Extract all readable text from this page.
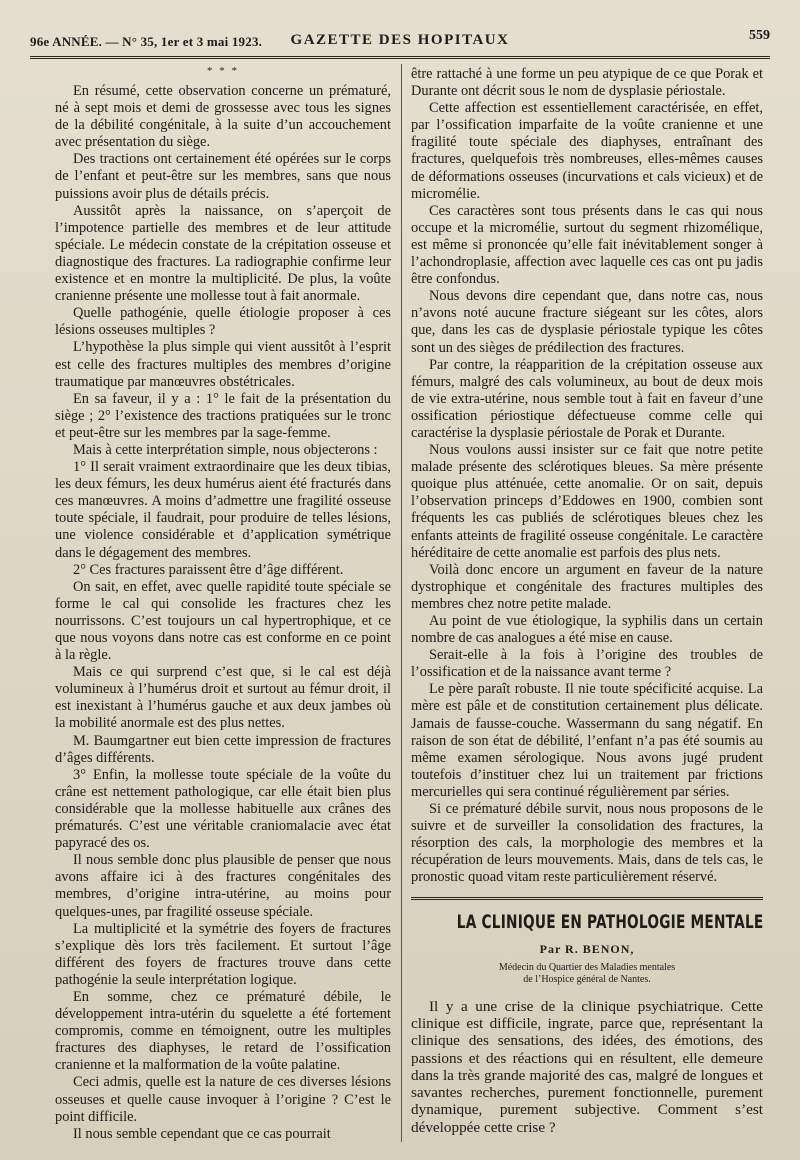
96e ANNÉE. — N° 35, 1er et 3 mai 1923.	GAZETTE DES HOPITAUX	559
* * *

En résumé, cette observation concerne un prématuré, né à sept mois et demi de grossesse avec tous les signes de la débilité congénitale, à la suite d’un accouchement avec présentation du siège.

Des tractions ont certainement été opérées sur le corps de l’enfant et peut-être sur les membres, sans que nous puissions avoir plus de détails précis.

Aussitôt après la naissance, on s’aperçoit de l’impotence partielle des membres et de leur attitude spéciale. Le médecin constate de la crépitation osseuse et diagnostique des fractures. La radiographie confirme leur existence et en montre la multiplicité. De plus, la voûte cranienne présente une mollesse tout à fait anormale.

Quelle pathogénie, quelle étiologie proposer à ces lésions osseuses multiples ?

L’hypothèse la plus simple qui vient aussitôt à l’esprit est celle des fractures multiples des membres d’origine traumatique par manœuvres obstétricales.

En sa faveur, il y a : 1° le fait de la présentation du siège ; 2° l’existence des tractions pratiquées sur le tronc et peut-être sur les membres par la sage-femme.

Mais à cette interprétation simple, nous objecterons :

1° Il serait vraiment extraordinaire que les deux tibias, les deux fémurs, les deux humérus aient été fracturés dans ces manœuvres. A moins d’admettre une fragilité osseuse toute spéciale, il faudrait, pour produire de telles lésions, une violence considérable et d’application symétrique dans le dégagement des membres.

2° Ces fractures paraissent être d’âge différent.

On sait, en effet, avec quelle rapidité toute spéciale se forme le cal qui consolide les fractures chez les nourrissons. C’est toujours un cal hypertrophique, et ce que nous voyons dans notre cas est conforme en ce point à la règle.

Mais ce qui surprend c’est que, si le cal est déjà volumineux à l’humérus droit et surtout au fémur droit, il est inexistant à l’humérus gauche et aux deux jambes où la mobilité anormale est des plus nettes.

M. Baumgartner eut bien cette impression de fractures d’âges différents.

3° Enfin, la mollesse toute spéciale de la voûte du crâne est nettement pathologique, car elle était bien plus considérable que la mollesse habituelle aux crânes des prématurés. C’est une véritable craniomalacie avec état papyracé des os.

Il nous semble donc plus plausible de penser que nous avons affaire ici à des fractures congénitales des membres, d’origine intra-utérine, au moins pour quelques-unes, par fragilité osseuse spéciale.

La multiplicité et la symétrie des foyers de fractures s’explique dès lors très facilement. Et surtout l’âge différent des foyers de fractures trouve dans cette pathogénie la seule interprétation logique.

En somme, chez ce prématuré débile, le développement intra-utérin du squelette a été fortement compromis, comme en témoignent, outre les multiples fractures des diaphyses, le retard de l’ossification cranienne et la malformation de la voûte palatine.

Ceci admis, quelle est la nature de ces diverses lésions osseuses et quelle cause invoquer à l’origine ? C’est le point difficile.

Il nous semble cependant que ce cas pourrait

être rattaché à une forme un peu atypique de ce que Porak et Durante ont décrit sous le nom de dysplasie périostale.

Cette affection est essentiellement caractérisée, en effet, par l’ossification imparfaite de la voûte cranienne et une fragilité toute spéciale des diaphyses, entraînant des fractures, quelquefois très nombreuses, elles-mêmes causes de déformations osseuses (incurvations et cals vicieux) et de micromélie.

Ces caractères sont tous présents dans le cas qui nous occupe et la micromélie, surtout du segment rhizomélique, est même si prononcée qu’elle fait inévitablement songer à l’achondroplasie, affection avec laquelle ces cas ont pu jadis être confondus.

Nous devons dire cependant que, dans notre cas, nous n’avons noté aucune fracture siégeant sur les côtes, alors que, dans les cas de dysplasie périostale typique les côtes sont un des sièges de prédilection des fractures.

Par contre, la réapparition de la crépitation osseuse aux fémurs, malgré des cals volumineux, au bout de deux mois de vie extra-utérine, nous semble tout à fait en faveur d’une ossification périostique défectueuse comme celle qui caractérise la dysplasie périostale de Porak et Durante.

Nous voulons aussi insister sur ce fait que notre petite malade présente des sclérotiques bleues. Sa mère présente quoique plus atténuée, cette anomalie. Or on sait, depuis l’observation princeps d’Eddowes en 1900, combien sont fréquents les cas publiés de sclérotiques bleues chez les enfants atteints de fragilité osseuse congénitale. Le caractère héréditaire de cette anomalie est parfois des plus nets.

Voilà donc encore un argument en faveur de la nature dystrophique et congénitale des fractures multiples des membres chez notre petite malade.

Au point de vue étiologique, la syphilis dans un certain nombre de cas analogues a été mise en cause.

Serait-elle à la fois à l’origine des troubles de l’ossification et de la naissance avant terme ?

Le père paraît robuste. Il nie toute spécificité acquise. La mère est pâle et de constitution certainement plus délicate. Jamais de fausse-couche. Wassermann du sang négatif. En raison de son état de débilité, l’enfant n’a pas été soumis au même examen sérologique. Nous avons jugé prudent toutefois d’instituer chez lui un traitement par frictions mercurielles qui sera continué régulièrement par séries.

Si ce prématuré débile survit, nous nous proposons de le suivre et de surveiller la consolidation des fractures, la résorption des cals, la morphologie des membres et la récupération de leurs mouvements. Mais, dans de tels cas, le pronostic quoad vitam reste particulièrement réservé.

LA CLINIQUE EN PATHOLOGIE MENTALE
Par R. BENON,
Médecin du Quartier des Maladies mentales
de l’Hospice général de Nantes.

Il y a une crise de la clinique psychiatrique. Cette clinique est difficile, ingrate, parce que, représentant la clinique des sensations, des idées, des émotions, des passions et des réactions qui en résultent, elle demeure dans la très grande majorité des cas, malgré de longues et savantes recherches, purement fonctionnelle, purement dynamique, purement subjective. Comment s’est développée cette crise ?
